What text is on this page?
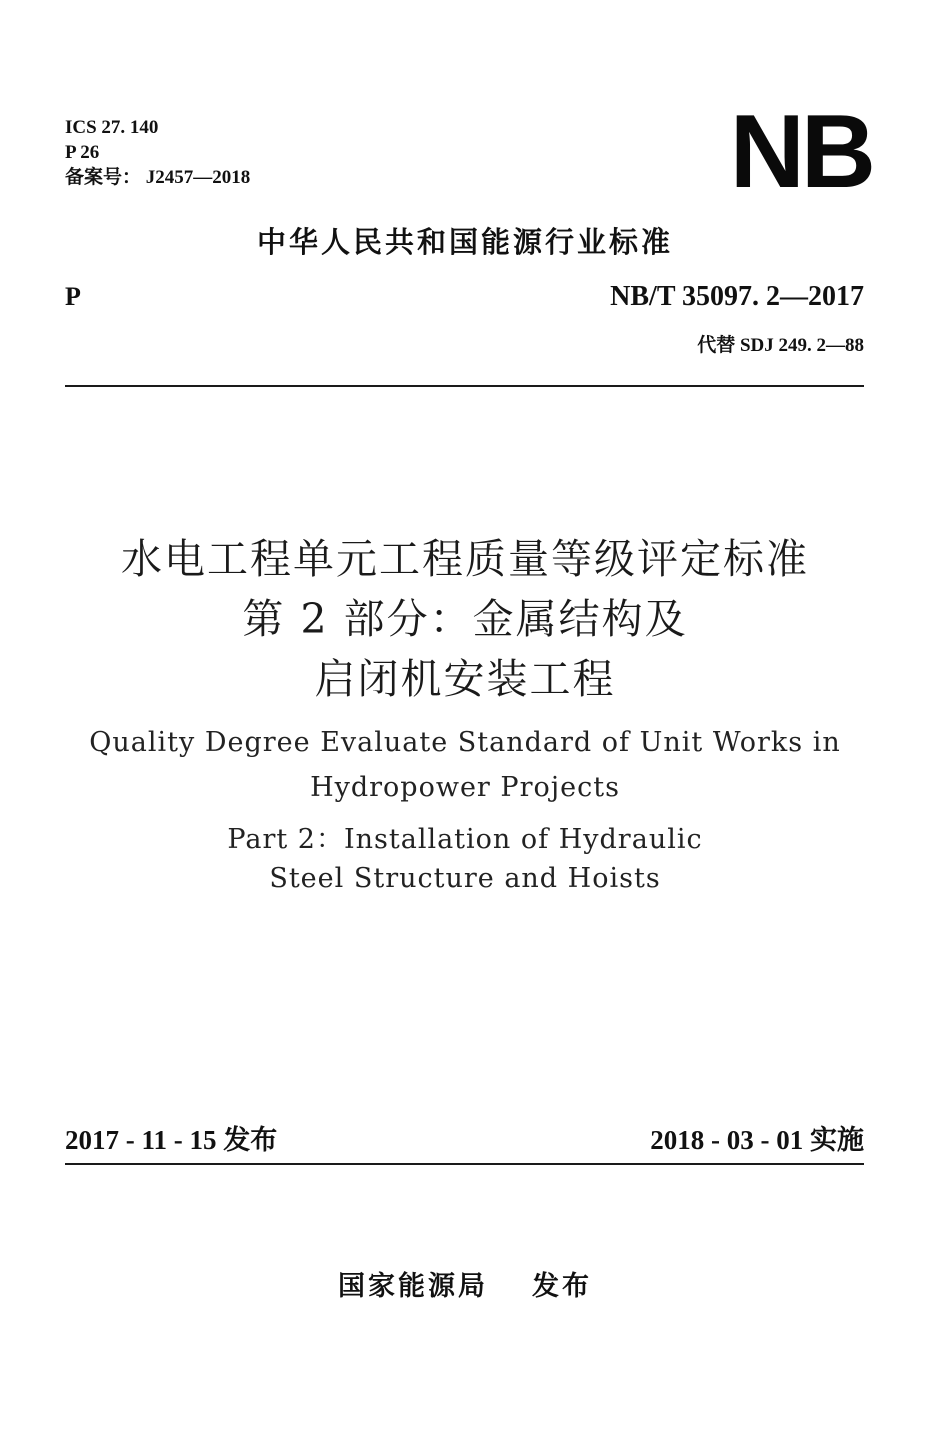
ICS 27. 140
P 26
备案号： J2457—2018	NB
中华人民共和国能源行业标准
P	NB/T 35097. 2—2017
代替 SDJ 249. 2—88
水电工程单元工程质量等级评定标准
第 2 部分：金属结构及
启闭机安装工程
Quality Degree Evaluate Standard of Unit Works in
Hydropower Projects
Part 2：Installation of Hydraulic
Steel Structure and Hoists
2017 - 11 - 15 发布	2018 - 03 - 01 实施
国家能源局 发布
